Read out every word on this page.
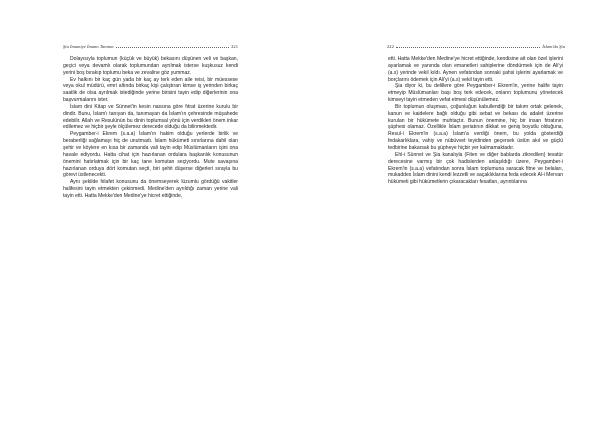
Şia İmamiye İmamı Tanıma	221

Dolayısıyla toplumun (küçük ve büyük) bekasını düşünen veli ve başkan, geçici veya devamlı olarak toplumundan ayrılmak isterse kuşkusuz kendi yerini boş bırakıp toplumu beka ve zevaline göz yummaz.

Ev halkını bir kaç gün yada bir kaç ay terk eden aile reisi, bir müessese veya okul müdürü, emri altında birkaç kişi çalıştıran kimse iş yerinden birkaç saatlik de olsa ayrılmak istediğinde yerine birisini tayin edip diğerlerinin ona başvurmalarını ister.

İslam dini Kitap ve Sünnet'in kesin nassına göre fıtrat üzerine kurulu bir dindir. Bunu, İslam'ı tanıyan da, tanımayan da İslam'ın çehresinde müşahede edebilir. Allah ve Resulünün bu dinin toplumsal yönü için verdikleri önem inkar edilemez ve hiçbir şeyle ölçülemez derecede olduğu da bilinmektedir.

Peygamber-i Ekrem (s.a.a) İslam'ın hakim olduğu yerlerde birlik ve beraberliği sağlamayı hiç de unutmadı. İslam hükümeti sınırlarına dahil olan şehir ve köylere en kısa bir zamanda vali tayin edip Müslümanların işini ona havale ediyordu. Hatta cihat için hazırlanan ordulara başkanlık konusunun önemini hatırlatmak için bir kaç tane komutan seçiyordu. Mute savaşına hazırlanan orduya dört komutan seçti, biri şehit düşerse diğerleri sırayla bu görevi üstlenecekti.

Aynı şekilde hilafet konusunu da önemseyerek lüzumlu gördüğü vakitler halifesini tayin etmekten çekinmedi. Medine'den ayrıldığı zaman yerine vali tayin etti. Hatta Mekke'den Medine'ye hicret ettiğinde,

222	İslam'da Şia

etti. Hatta Mekke'den Medine'ye hicret ettiğinde, kendisine ait olan özel işlerini ayarlamak ve yanında olan emanetleri sahiplerine döndürmek için de Ali'yi (a.s) yerinde vekil kıldı. Aynen vefatından sonraki şahsi işlerini ayarlamak ve borçlarını ödemek için Ali'yi (a.s) vekil tayin etti.

Şia diyor ki, bu delillere göre Peygamber-i Ekrem'in, yerine halife tayin etmeyip Müslümanları başı boş terk edecek, onların toplumunu yönetecek kimseyi tayin etmeden vefat etmesi düşünülemez.

Bir toplumun oluşması, çoğunluğun kabullendiği bir takım ortak gelenek, kanun ve kaidelere bağlı olduğu gibi sebat ve bekası da adalet üzerine kurulan bir hükümete muhtaçtır. Bunun önemine, hiç bir insan fıtratının şüphesi olamaz. Özellikle İslam şeriatının dikkat ve geniş boyutlu olduğuna, Resul-i Ekrem'in (s.a.a) İslam'a verdiği önem, bu yolda gösterdiği fedakarlıklara, vahiy ve nübüvvet teyidinden geçersek üstün akıl ve güçlü tedbirine bakarsak bu şüpheye hiçbir yer kalmamaktadır.

Ehl-i Sünnet ve Şia kanalıyla (Fiten ve diğer bablarda zikredilen) tevatür derecesine varmış bir çok hadislerden anlaşıldığı üzere, Peygamber-i Ekrem'in (s.a.a) vefatından sonra İslam toplumuna saracak fitne ve belaları, mukaddes İslam dinini kendi lezzetli ve saçaklıklarına feda edecek Al-i Mervan hükümeti gibi hükümetlerin çıkaracakları fesatları, ayrıntılarına
